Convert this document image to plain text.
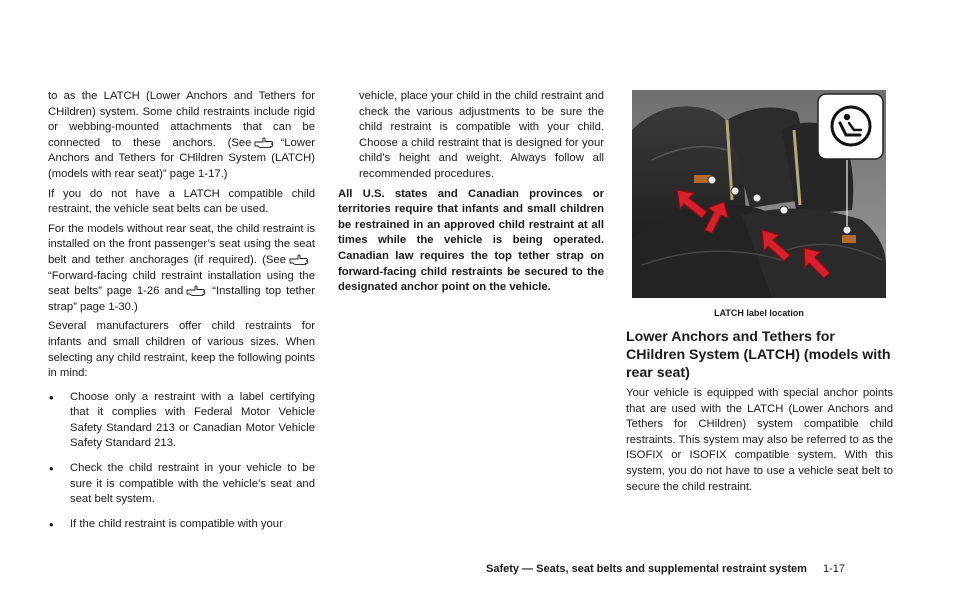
to as the LATCH (Lower Anchors and Tethers for CHildren) system. Some child restraints include rigid or webbing-mounted attachments that can be connected to these anchors. (See	“Lower Anchors and Tethers for CHildren System (LATCH) (models with rear seat)” page 1-17.)

If you do not have a LATCH compatible child restraint, the vehicle seat belts can be used.

For the models without rear seat, the child restraint is installed on the front passenger’s seat using the seat belt and tether anchorages (if required). (See
“Forward-facing child restraint installation using the seat belts” page 1-26 and	“Installing top tether strap” page 1-30.)

Several manufacturers offer child restraints for infants and small children of various sizes. When selecting any child restraint, keep the following points in mind:

• Choose only a restraint with a label certifying that it complies with Federal Motor Vehicle Safety Standard 213 or Canadian Motor Vehicle Safety Standard 213.
• Check the child restraint in your vehicle to be sure it is compatible with the vehicle’s seat and seat belt system.
• If the child restraint is compatible with your

vehicle, place your child in the child restraint and check the various adjustments to be sure the child restraint is compatible with your child. Choose a child restraint that is designed for your child’s height and weight. Always follow all recommended procedures.

All U.S. states and Canadian provinces or territories require that infants and small children be restrained in an approved child restraint at all times while the vehicle is being operated. Canadian law requires the top tether strap on forward-facing child restraints be secured to the designated anchor point on the vehicle.

LATCH label location
Lower Anchors and Tethers for CHildren System (LATCH) (models with rear seat)
Your vehicle is equipped with special anchor points that are used with the LATCH (Lower Anchors and Tethers for CHildren) system compatible child restraints. This system may also be referred to as the ISOFIX or ISOFIX compatible system. With this system, you do not have to use a vehicle seat belt to secure the child restraint.
Safety — Seats, seat belts and supplemental restraint system 1-17
